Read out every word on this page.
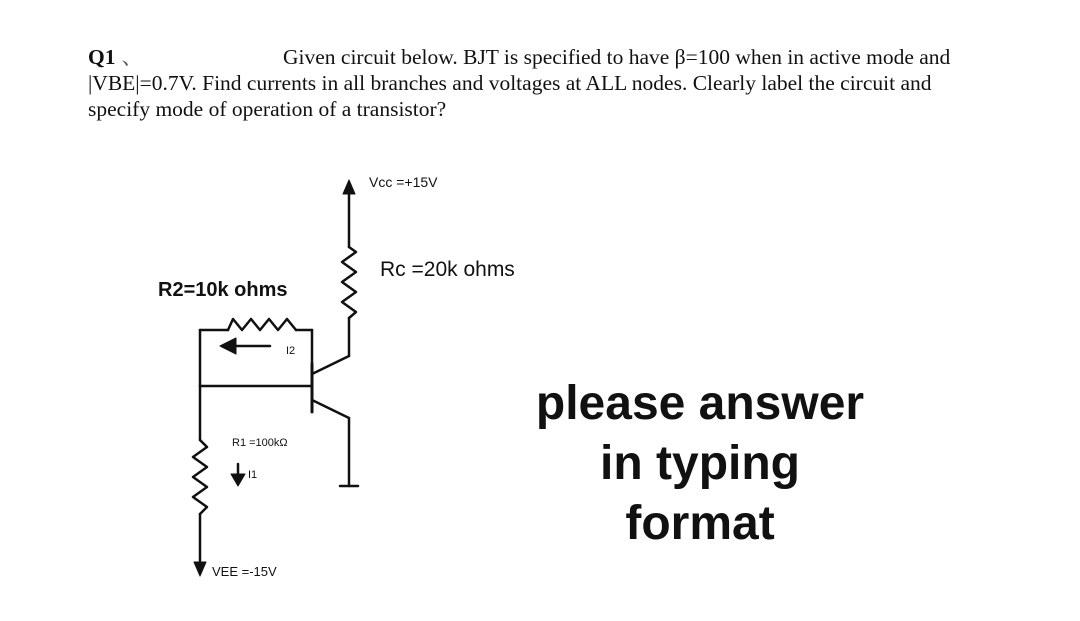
Q1 、	Given circuit below. BJT is specified to have β=100 when in active mode and
|VBE|=0.7V. Find currents in all branches and voltages at ALL nodes. Clearly label the circuit and
specify mode of operation of a transistor?
Vcc =+15V
Rc =20k ohms
R2=10k ohms
I2
R1 =100kΩ
I1
VEE =-15V
please answer
in typing
format
